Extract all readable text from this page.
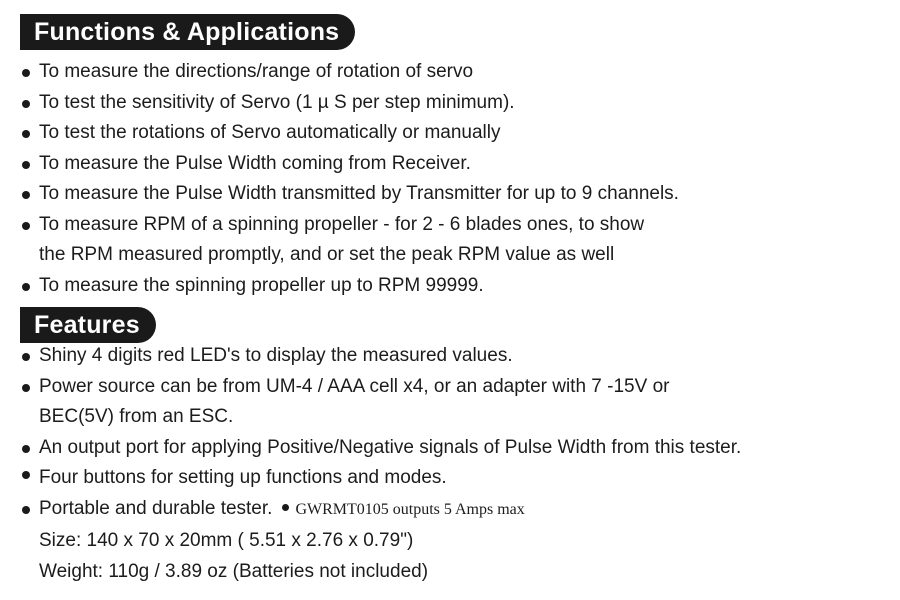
Functions & Applications
To measure the directions/range of rotation of servo
To test the sensitivity of Servo (1 µ S per step minimum).
To test the rotations of Servo automatically or manually
To measure the Pulse Width coming from Receiver.
To measure the Pulse Width transmitted by Transmitter for up to 9 channels.
To measure RPM of a spinning propeller - for 2 - 6 blades ones, to show
the RPM measured promptly, and or set the peak RPM value as well
To measure the spinning propeller up to RPM 99999.
Features
Shiny 4 digits red LED's to display the measured values.
Power source can be from UM-4 / AAA cell x4, or an adapter with 7 -15V or
BEC(5V) from an ESC.
An output port for applying Positive/Negative signals of Pulse Width from this tester.
Four buttons for setting up functions and modes.
Portable and durable tester. GWRMT0105 outputs 5 Amps max
Size: 140 x 70 x 20mm ( 5.51 x 2.76 x 0.79")
Weight: 110g / 3.89 oz (Batteries not included)
